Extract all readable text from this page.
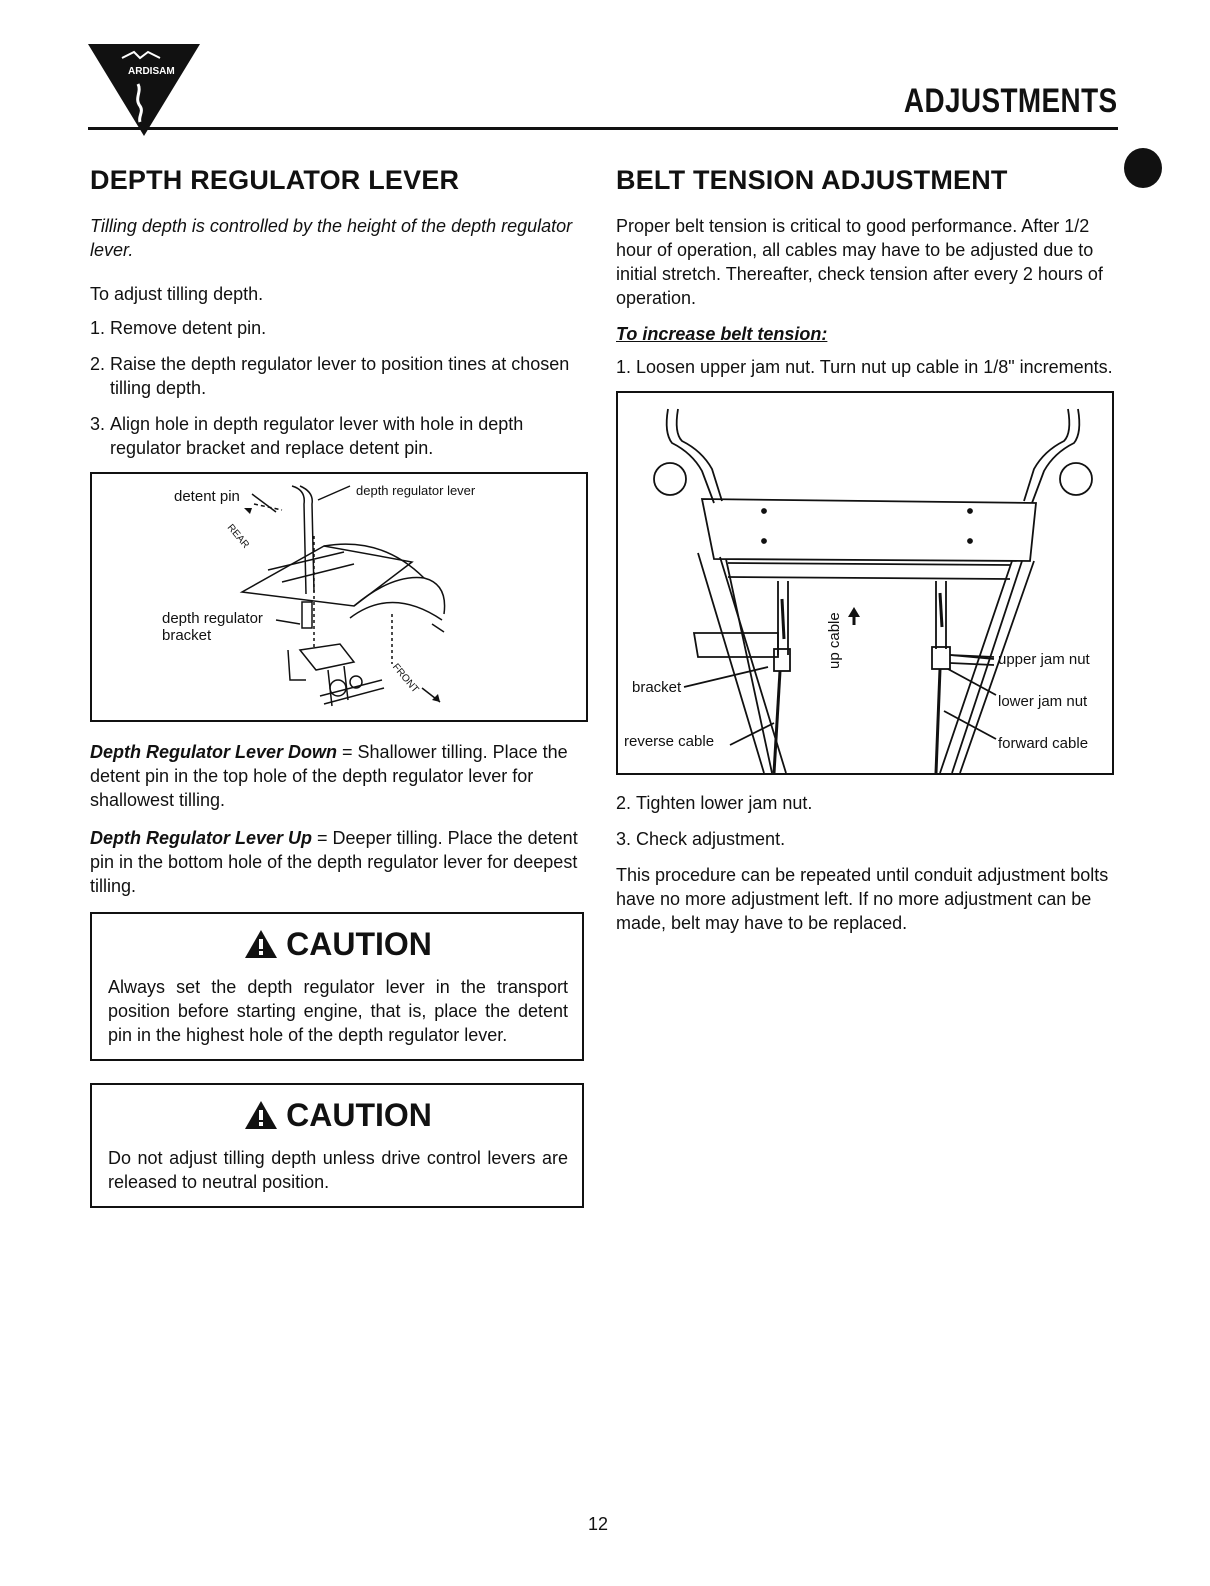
ARDISAM
ADJUSTMENTS
DEPTH REGULATOR LEVER

Tilling depth is controlled by the height of the depth regulator lever.

To adjust tilling depth.

1. Remove detent pin.
2. Raise the depth regulator lever to position tines at chosen tilling depth.
3. Align hole in depth regulator lever with hole in depth regulator bracket and replace detent pin.
detent pin	depth regulator lever
depth regulator
bracket
REAR
FRONT

Depth Regulator Lever Down = Shallower tilling. Place the detent pin in the top hole of the depth regulator lever for shallowest tilling.

Depth Regulator Lever Up = Deeper tilling. Place the detent pin in the bottom hole of the depth regulator lever for deepest tilling.

CAUTION

Always set the depth regulator lever in the transport position before starting engine, that is, place the detent pin in the highest hole of the depth regulator lever.

CAUTION

Do not adjust tilling depth unless drive control levers are released to neutral position.

BELT TENSION ADJUSTMENT

Proper belt tension is critical to good performance. After 1/2 hour of operation, all cables may have to be adjusted due to initial stretch. Thereafter, check tension after every 2 hours of operation.

To increase belt tension:
1. Loosen upper jam nut. Turn nut up cable in 1/8" increments.
bracket
reverse cable
up cable	upper jam nut
lower jam nut
forward cable
2. Tighten lower jam nut.
3. Check adjustment.

This procedure can be repeated until conduit adjustment bolts have no more adjustment left. If no more adjustment can be made, belt may have to be replaced.

12
